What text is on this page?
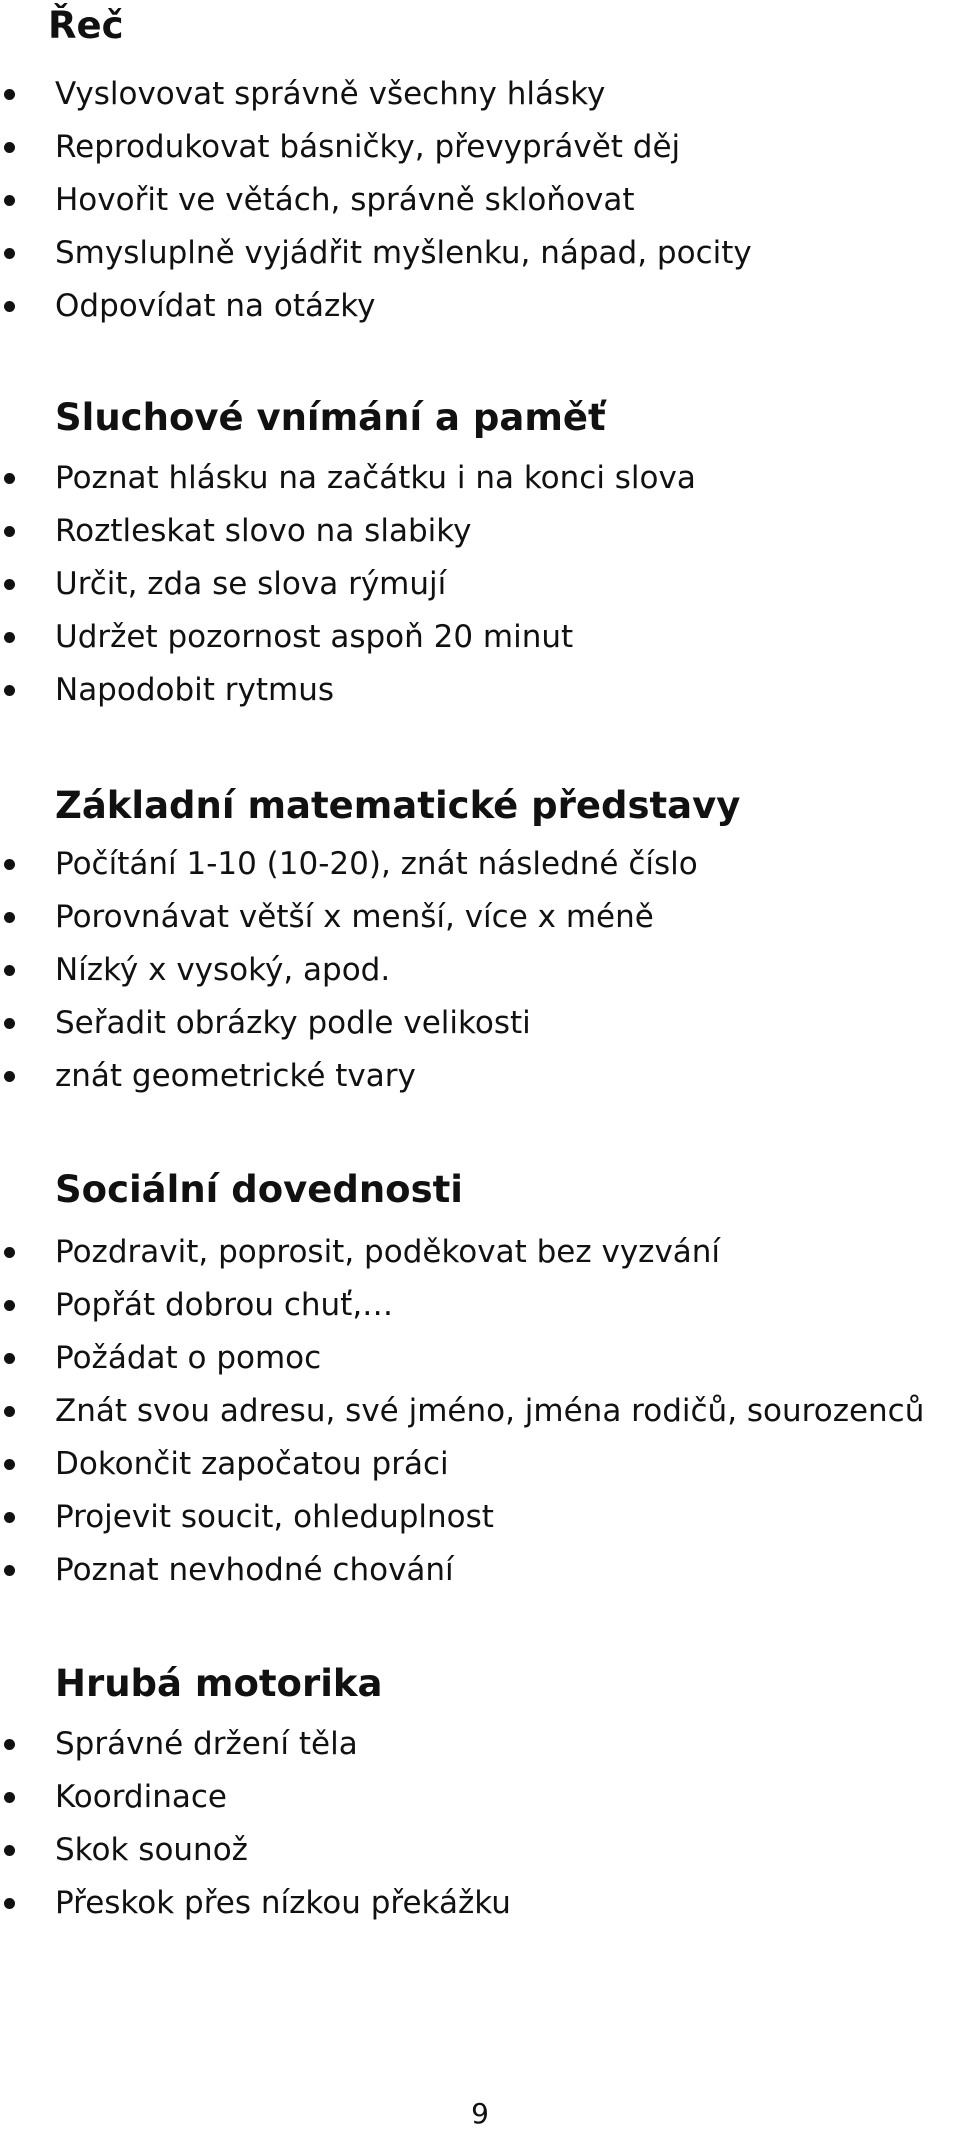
Řeč
Vyslovovat správně všechny hlásky
Reprodukovat básničky, převyprávět děj
Hovořit ve větách, správně skloňovat
Smysluplně vyjádřit myšlenku, nápad, pocity
Odpovídat na otázky
Sluchové vnímání a paměť
Poznat hlásku na začátku i na konci slova
Roztleskat slovo na slabiky
Určit, zda se slova rýmují
Udržet pozornost aspoň 20 minut
Napodobit rytmus
Základní matematické představy
Počítání 1-10 (10-20), znát následné číslo
Porovnávat větší x menší, více x méně
Nízký x vysoký, apod.
Seřadit obrázky podle velikosti
znát geometrické tvary
Sociální dovednosti
Pozdravit, poprosit, poděkovat bez vyzvání
Popřát dobrou chuť,…
Požádat o pomoc
Znát svou adresu, své jméno, jména rodičů, sourozenců
Dokončit započatou práci
Projevit soucit, ohleduplnost
Poznat nevhodné chování
Hrubá motorika
Správné držení těla
Koordinace
Skok sounož
Přeskok přes nízkou překážku
9
